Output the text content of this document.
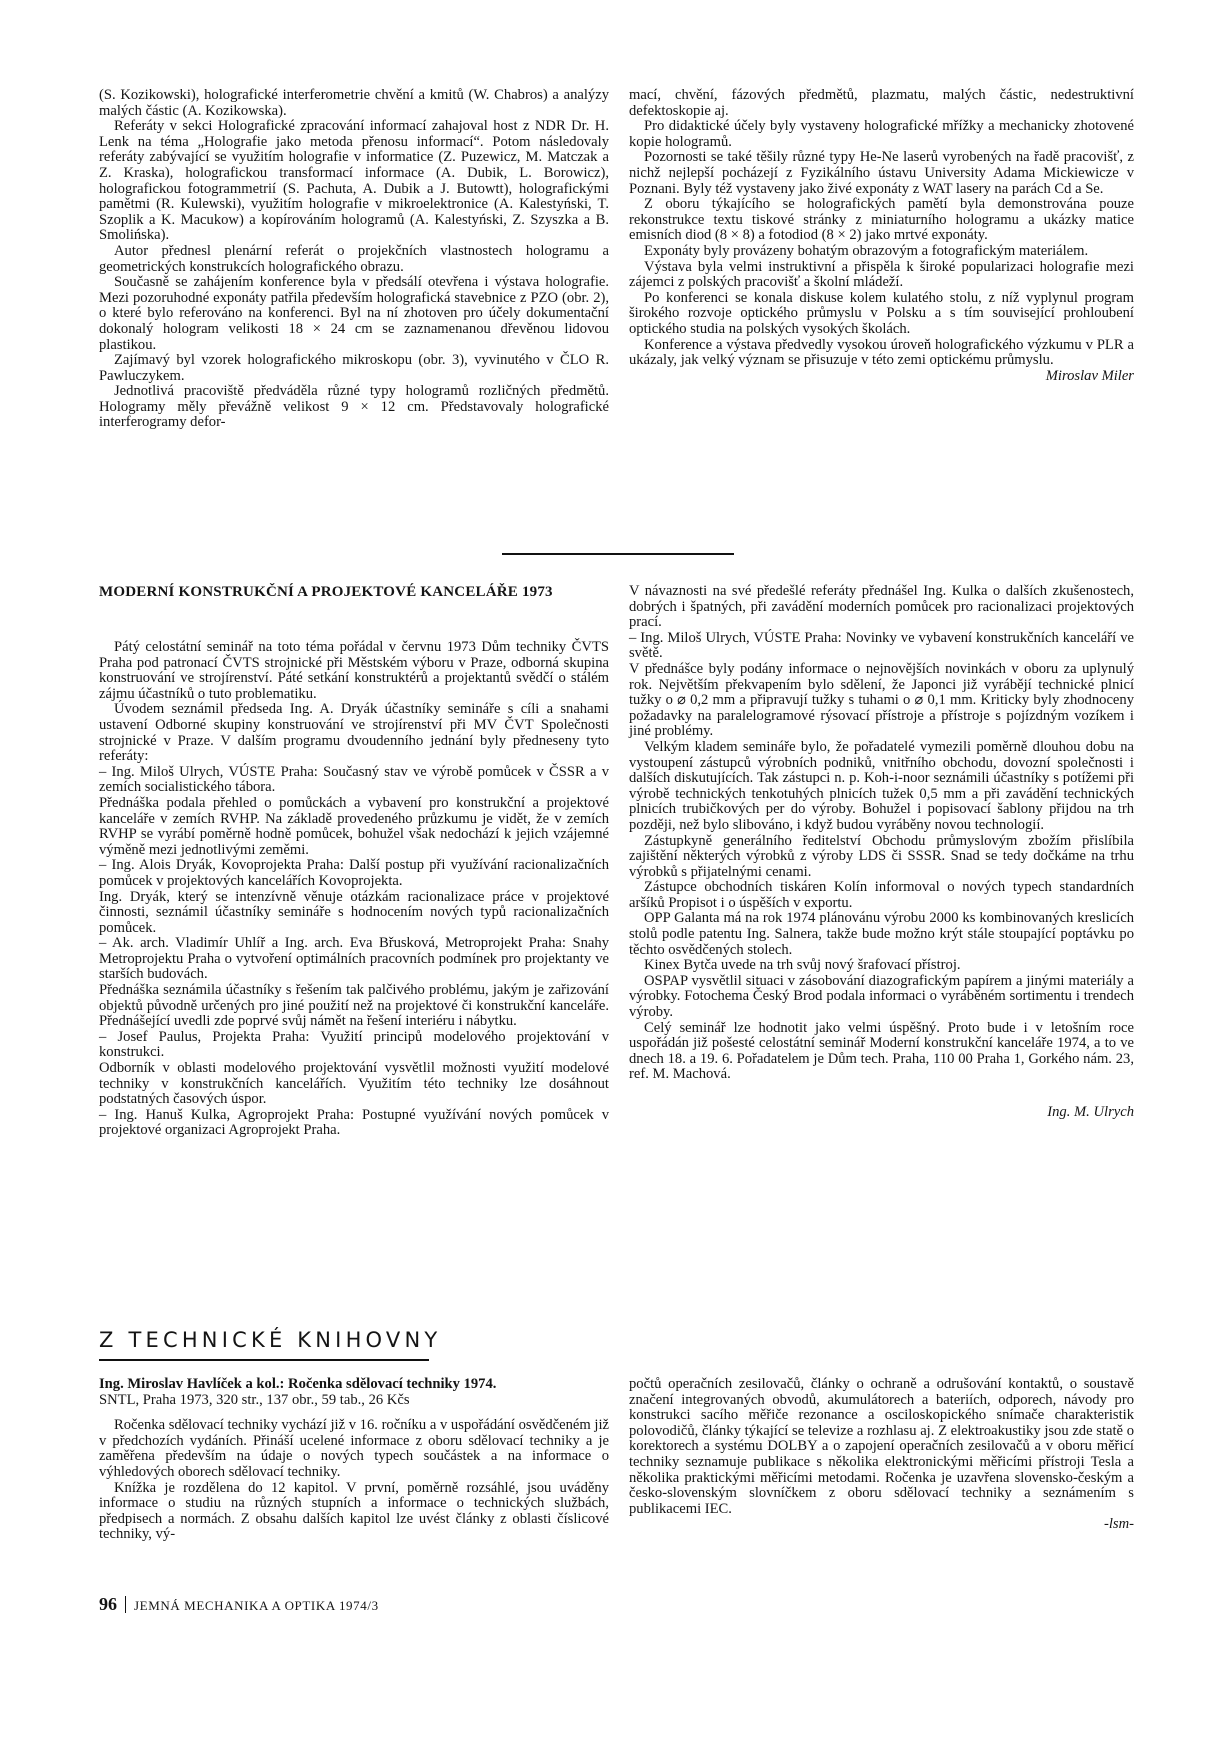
(S. Kozikowski), holografické interferometrie chvění a kmitů (W. Chabros) a analýzy malých částic (A. Kozikowska).

Referáty v sekci Holografické zpracování informací zahajoval host z NDR Dr. H. Lenk na téma „Holografie jako metoda přenosu informací“. Potom následovaly referáty zabývající se využitím holografie v informatice (Z. Puzewicz, M. Matczak a Z. Kraska), holografickou transformací informace (A. Dubik, L. Borowicz), holografickou fotogrammetrií (S. Pachuta, A. Dubik a J. Butowtt), holografickými pamětmi (R. Kulewski), využitím holografie v mikroelektronice (A. Kalestyński, T. Szoplik a K. Macukow) a kopírováním hologramů (A. Kalestyński, Z. Szyszka a B. Smolińska).

Autor přednesl plenární referát o projekčních vlastnostech hologramu a geometrických konstrukcích holografického obrazu.

Současně se zahájením konference byla v předsálí otevřena i výstava holografie. Mezi pozoruhodné exponáty patřila především holografická stavebnice z PZO (obr. 2), o které bylo referováno na konferenci. Byl na ní zhotoven pro účely dokumentační dokonalý hologram velikosti 18 × 24 cm se zaznamenanou dřevěnou lidovou plastikou.

Zajímavý byl vzorek holografického mikroskopu (obr. 3), vyvinutého v ČLO R. Pawluczykem.

Jednotlivá pracoviště předváděla různé typy hologramů rozličných předmětů. Hologramy měly převážně velikost 9 × 12 cm. Představovaly holografické interferogramy defor-

mací, chvění, fázových předmětů, plazmatu, malých částic, nedestruktivní defektoskopie aj.

Pro didaktické účely byly vystaveny holografické mřížky a mechanicky zhotovené kopie hologramů.

Pozornosti se také těšily různé typy He-Ne laserů vyrobených na řadě pracovišť, z nichž nejlepší pocházejí z Fyzikálního ústavu University Adama Mickiewicze v Poznani. Byly též vystaveny jako živé exponáty z WAT lasery na parách Cd a Se.

Z oboru týkajícího se holografických pamětí byla demonstrována pouze rekonstrukce textu tiskové stránky z miniaturního hologramu a ukázky matice emisních diod (8 × 8) a fotodiod (8 × 2) jako mrtvé exponáty.

Exponáty byly provázeny bohatým obrazovým a fotografickým materiálem.

Výstava byla velmi instruktivní a přispěla k široké popularizaci holografie mezi zájemci z polských pracovišť a školní mládeží.

Po konferenci se konala diskuse kolem kulatého stolu, z níž vyplynul program širokého rozvoje optického průmyslu v Polsku a s tím související prohloubení optického studia na polských vysokých školách.

Konference a výstava předvedly vysokou úroveň holografického výzkumu v PLR a ukázaly, jak velký význam se přisuzuje v této zemi optickému průmyslu.

Miroslav Miler

MODERNÍ KONSTRUKČNÍ A PROJEKTOVÉ KANCELÁŘE 1973

Pátý celostátní seminář na toto téma pořádal v červnu 1973 Dům techniky ČVTS Praha pod patronací ČVTS strojnické při Městském výboru v Praze, odborná skupina konstruování ve strojírenství. Páté setkání konstruktérů a projektantů svědčí o stálém zájmu účastníků o tuto problematiku.

Úvodem seznámil předseda Ing. A. Dryák účastníky semináře s cíli a snahami ustavení Odborné skupiny konstruování ve strojírenství při MV ČVT Společnosti strojnické v Praze. V dalším programu dvoudenního jednání byly předneseny tyto referáty:

– Ing. Miloš Ulrych, VÚSTE Praha: Současný stav ve výrobě pomůcek v ČSSR a v zemích socialistického tábora.

Přednáška podala přehled o pomůckách a vybavení pro konstrukční a projektové kanceláře v zemích RVHP. Na základě provedeného průzkumu je vidět, že v zemích RVHP se vyrábí poměrně hodně pomůcek, bohužel však nedochází k jejich vzájemné výměně mezi jednotlivými zeměmi.

– Ing. Alois Dryák, Kovoprojekta Praha: Další postup při využívání racionalizačních pomůcek v projektových kancelářích Kovoprojekta.

Ing. Dryák, který se intenzívně věnuje otázkám racionalizace práce v projektové činnosti, seznámil účastníky semináře s hodnocením nových typů racionalizačních pomůcek.

– Ak. arch. Vladimír Uhlíř a Ing. arch. Eva Břusková, Metroprojekt Praha: Snahy Metroprojektu Praha o vytvoření optimálních pracovních podmínek pro projektanty ve starších budovách.

Přednáška seznámila účastníky s řešením tak palčivého problému, jakým je zařizování objektů původně určených pro jiné použití než na projektové či konstrukční kanceláře. Přednášející uvedli zde poprvé svůj námět na řešení interiéru i nábytku.

– Josef Paulus, Projekta Praha: Využití principů modelového projektování v konstrukci.

Odborník v oblasti modelového projektování vysvětlil možnosti využití modelové techniky v konstrukčních kancelářích. Využitím této techniky lze dosáhnout podstatných časových úspor.

– Ing. Hanuš Kulka, Agroprojekt Praha: Postupné využívání nových pomůcek v projektové organizaci Agroprojekt Praha.

V návaznosti na své předešlé referáty přednášel Ing. Kulka o dalších zkušenostech, dobrých i špatných, při zavádění moderních pomůcek pro racionalizaci projektových prací.

– Ing. Miloš Ulrych, VÚSTE Praha: Novinky ve vybavení konstrukčních kanceláří ve světě.

V přednášce byly podány informace o nejnovějších novinkách v oboru za uplynulý rok. Největším překvapením bylo sdělení, že Japonci již vyrábějí technické plnicí tužky o ⌀ 0,2 mm a připravují tužky s tuhami o ⌀ 0,1 mm. Kriticky byly zhodnoceny požadavky na paralelogramové rýsovací přístroje a přístroje s pojízdným vozíkem i jiné problémy.

Velkým kladem semináře bylo, že pořadatelé vymezili poměrně dlouhou dobu na vystoupení zástupců výrobních podniků, vnitřního obchodu, dovozní společnosti i dalších diskutujících. Tak zástupci n. p. Koh-i-noor seznámili účastníky s potížemi při výrobě technických tenkotuhých plnicích tužek 0,5 mm a při zavádění technických plnicích trubičkových per do výroby. Bohužel i popisovací šablony přijdou na trh později, než bylo slibováno, i když budou vyráběny novou technologií.

Zástupkyně generálního ředitelství Obchodu průmyslovým zbožím přislíbila zajištění některých výrobků z výroby LDS či SSSR. Snad se tedy dočkáme na trhu výrobků s přijatelnými cenami.

Zástupce obchodních tiskáren Kolín informoval o nových typech standardních aršíků Propisot i o úspěších v exportu.

OPP Galanta má na rok 1974 plánovánu výrobu 2000 ks kombinovaných kreslicích stolů podle patentu Ing. Salnera, takže bude možno krýt stále stoupající poptávku po těchto osvědčených stolech.

Kinex Bytča uvede na trh svůj nový šrafovací přístroj.

OSPAP vysvětlil situaci v zásobování diazografickým papírem a jinými materiály a výrobky. Fotochema Český Brod podala informaci o vyráběném sortimentu i trendech výroby.

Celý seminář lze hodnotit jako velmi úspěšný. Proto bude i v letošním roce uspořádán již pošesté celostátní seminář Moderní konstrukční kanceláře 1974, a to ve dnech 18. a 19. 6. Pořadatelem je Dům tech. Praha, 110 00 Praha 1, Gorkého nám. 23, ref. M. Machová.

Ing. M. Ulrych

Z TECHNICKÉ KNIHOVNY

Ing. Miroslav Havlíček a kol.: Ročenka sdělovací techniky 1974.

SNTL, Praha 1973, 320 str., 137 obr., 59 tab., 26 Kčs

Ročenka sdělovací techniky vychází již v 16. ročníku a v uspořádání osvědčeném již v předchozích vydáních. Přináší ucelené informace z oboru sdělovací techniky a je zaměřena především na údaje o nových typech součástek a na informace o výhledových oborech sdělovací techniky.

Knížka je rozdělena do 12 kapitol. V první, poměrně rozsáhlé, jsou uváděny informace o studiu na různých stupních a informace o technických službách, předpisech a normách. Z obsahu dalších kapitol lze uvést články z oblasti číslicové techniky, vý-

počtů operačních zesilovačů, články o ochraně a odrušování kontaktů, o soustavě značení integrovaných obvodů, akumulátorech a bateriích, odporech, návody pro konstrukci sacího měřiče rezonance a osciloskopického snímače charakteristik polovodičů, články týkající se televize a rozhlasu aj. Z elektroakustiky jsou zde statě o korektorech a systému DOLBY a o zapojení operačních zesilovačů a v oboru měřicí techniky seznamuje publikace s několika elektronickými měřicími přístroji Tesla a několika praktickými měřicími metodami. Ročenka je uzavřena slovensko-českým a česko-slovenským slovníčkem z oboru sdělovací techniky a seznámením s publikacemi IEC.

-lsm-

96 JEMNÁ MECHANIKA A OPTIKA 1974/3
